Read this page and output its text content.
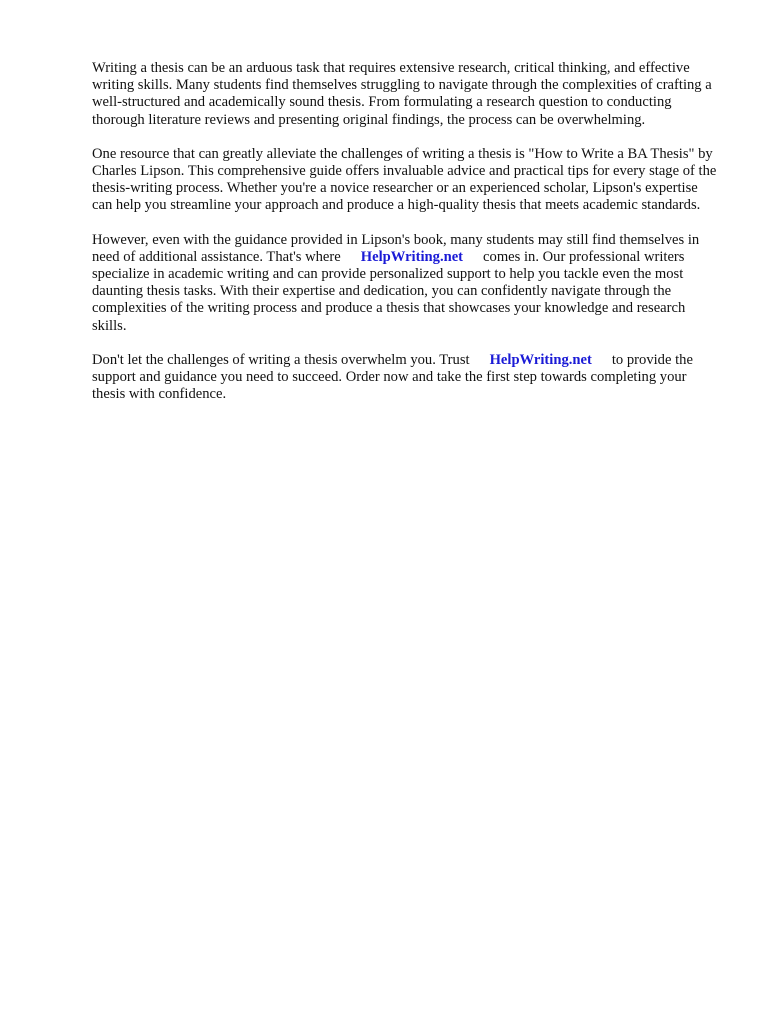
Writing a thesis can be an arduous task that requires extensive research, critical thinking, and effective writing skills. Many students find themselves struggling to navigate through the complexities of crafting a well-structured and academically sound thesis. From formulating a research question to conducting thorough literature reviews and presenting original findings, the process can be overwhelming.

One resource that can greatly alleviate the challenges of writing a thesis is "How to Write a BA Thesis" by Charles Lipson. This comprehensive guide offers invaluable advice and practical tips for every stage of the thesis-writing process. Whether you're a novice researcher or an experienced scholar, Lipson's expertise can help you streamline your approach and produce a high-quality thesis that meets academic standards.

However, even with the guidance provided in Lipson's book, many students may still find themselves in need of additional assistance. That's where HelpWriting.net comes in. Our professional writers specialize in academic writing and can provide personalized support to help you tackle even the most daunting thesis tasks. With their expertise and dedication, you can confidently navigate through the complexities of the writing process and produce a thesis that showcases your knowledge and research skills.

Don't let the challenges of writing a thesis overwhelm you. Trust HelpWriting.net to provide the support and guidance you need to succeed. Order now and take the first step towards completing your thesis with confidence.
